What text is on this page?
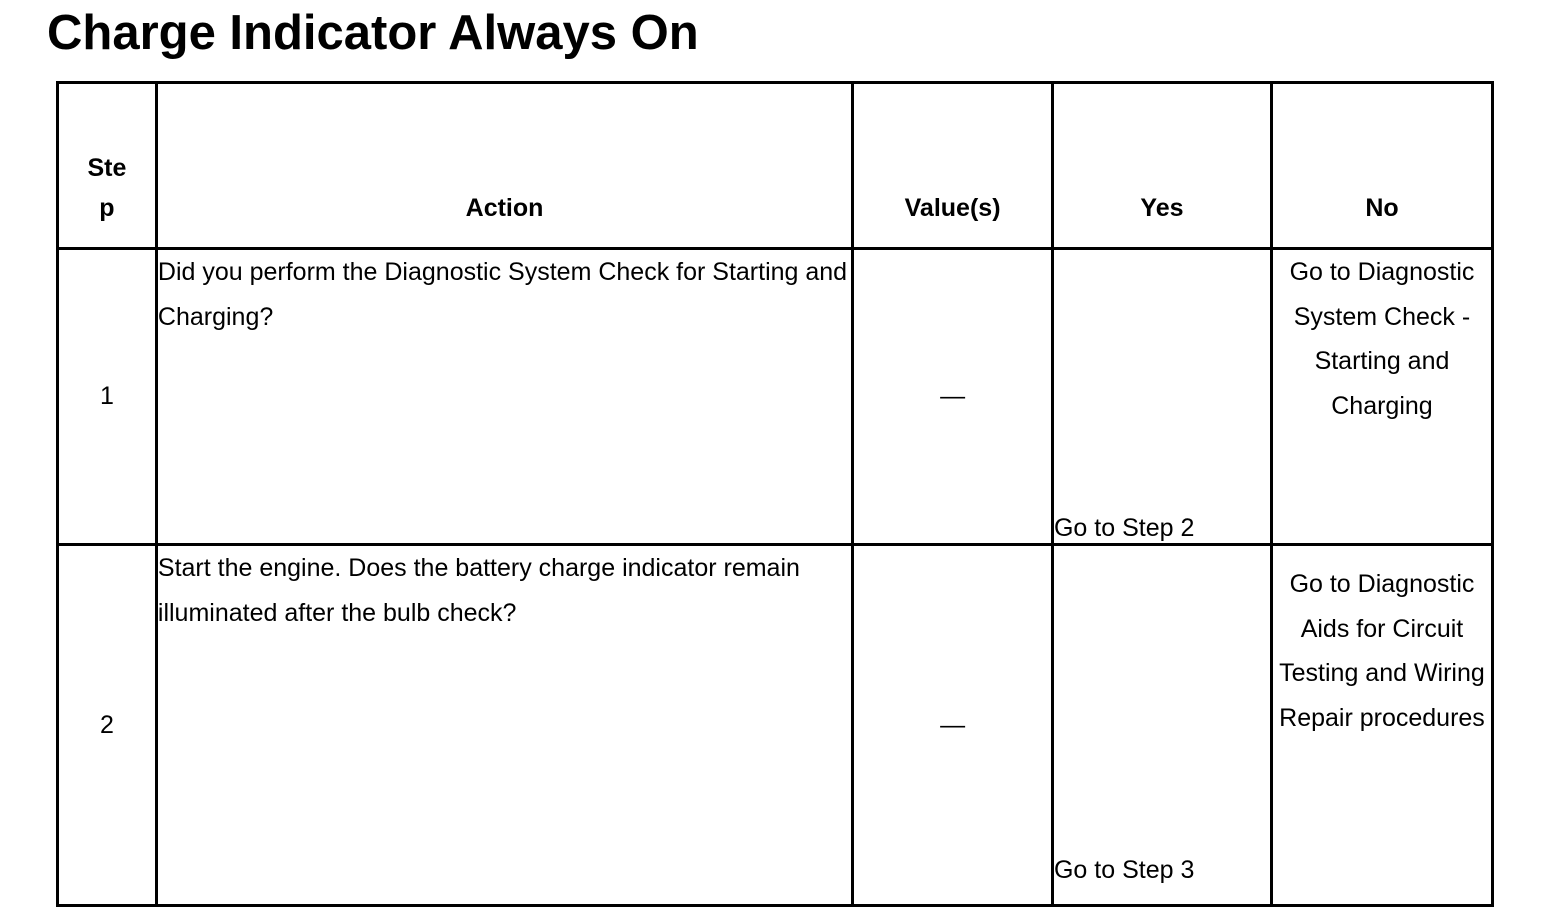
Charge Indicator Always On
Step	Action	Value(s)	Yes	No
1	Did you perform the Diagnostic System Check for Starting and Charging?	—	Go to Step 2	Go to Diagnostic System Check - Starting and Charging
2	Start the engine. Does the battery charge indicator remain illuminated after the bulb check?	—	Go to Step 3	Go to Diagnostic Aids for Circuit Testing and Wiring Repair procedures
